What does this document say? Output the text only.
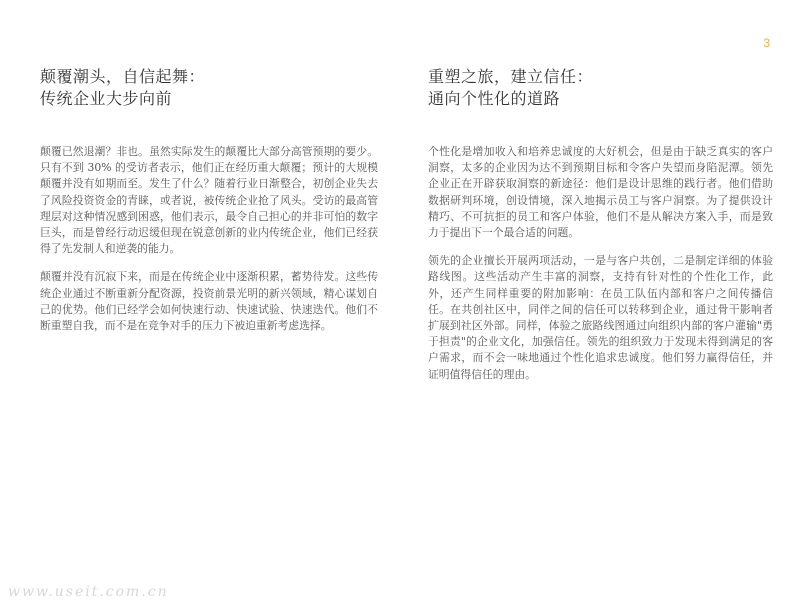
3
颠覆潮头，自信起舞：
传统企业大步向前

颠覆已然退潮？非也。虽然实际发生的颠覆比大部分高管预期的要少。只有不到 30% 的受访者表示，他们正在经历重大颠覆；预计的大规模颠覆并没有如期而至。发生了什么？随着行业日渐整合，初创企业失去了风险投资资金的青睐，或者说，被传统企业抢了风头。受访的最高管理层对这种情况感到困惑，他们表示，最令自己担心的并非可怕的数字巨头，而是曾经行动迟缓但现在锐意创新的业内传统企业，他们已经获得了先发制人和逆袭的能力。

颠覆并没有沉寂下来，而是在传统企业中逐渐积累，蓄势待发。这些传统企业通过不断重新分配资源，投资前景光明的新兴领域，精心谋划自己的优势。他们已经学会如何快速行动、快速试验、快速迭代。他们不断重塑自我，而不是在竞争对手的压力下被迫重新考虑选择。

重塑之旅，建立信任：
通向个性化的道路

个性化是增加收入和培养忠诚度的大好机会，但是由于缺乏真实的客户洞察，太多的企业因为达不到预期目标和令客户失望而身陷泥潭。领先企业正在开辟获取洞察的新途径：他们是设计思维的践行者。他们借助数据研判环境，创设情境，深入地揭示员工与客户洞察。为了提供设计精巧、不可抗拒的员工和客户体验，他们不是从解决方案入手，而是致力于提出下一个最合适的问题。

领先的企业擅长开展两项活动，一是与客户共创，二是制定详细的体验路线图。这些活动产生丰富的洞察，支持有针对性的个性化工作，此外，还产生同样重要的附加影响：在员工队伍内部和客户之间传播信任。在共创社区中，同伴之间的信任可以转移到企业，通过骨干影响者扩展到社区外部。同样，体验之旅路线图通过向组织内部的客户灌输"勇于担责"的企业文化，加强信任。领先的组织致力于发现未得到满足的客户需求，而不会一味地通过个性化追求忠诚度。他们努力赢得信任，并证明值得信任的理由。

www.useit.com.cn
